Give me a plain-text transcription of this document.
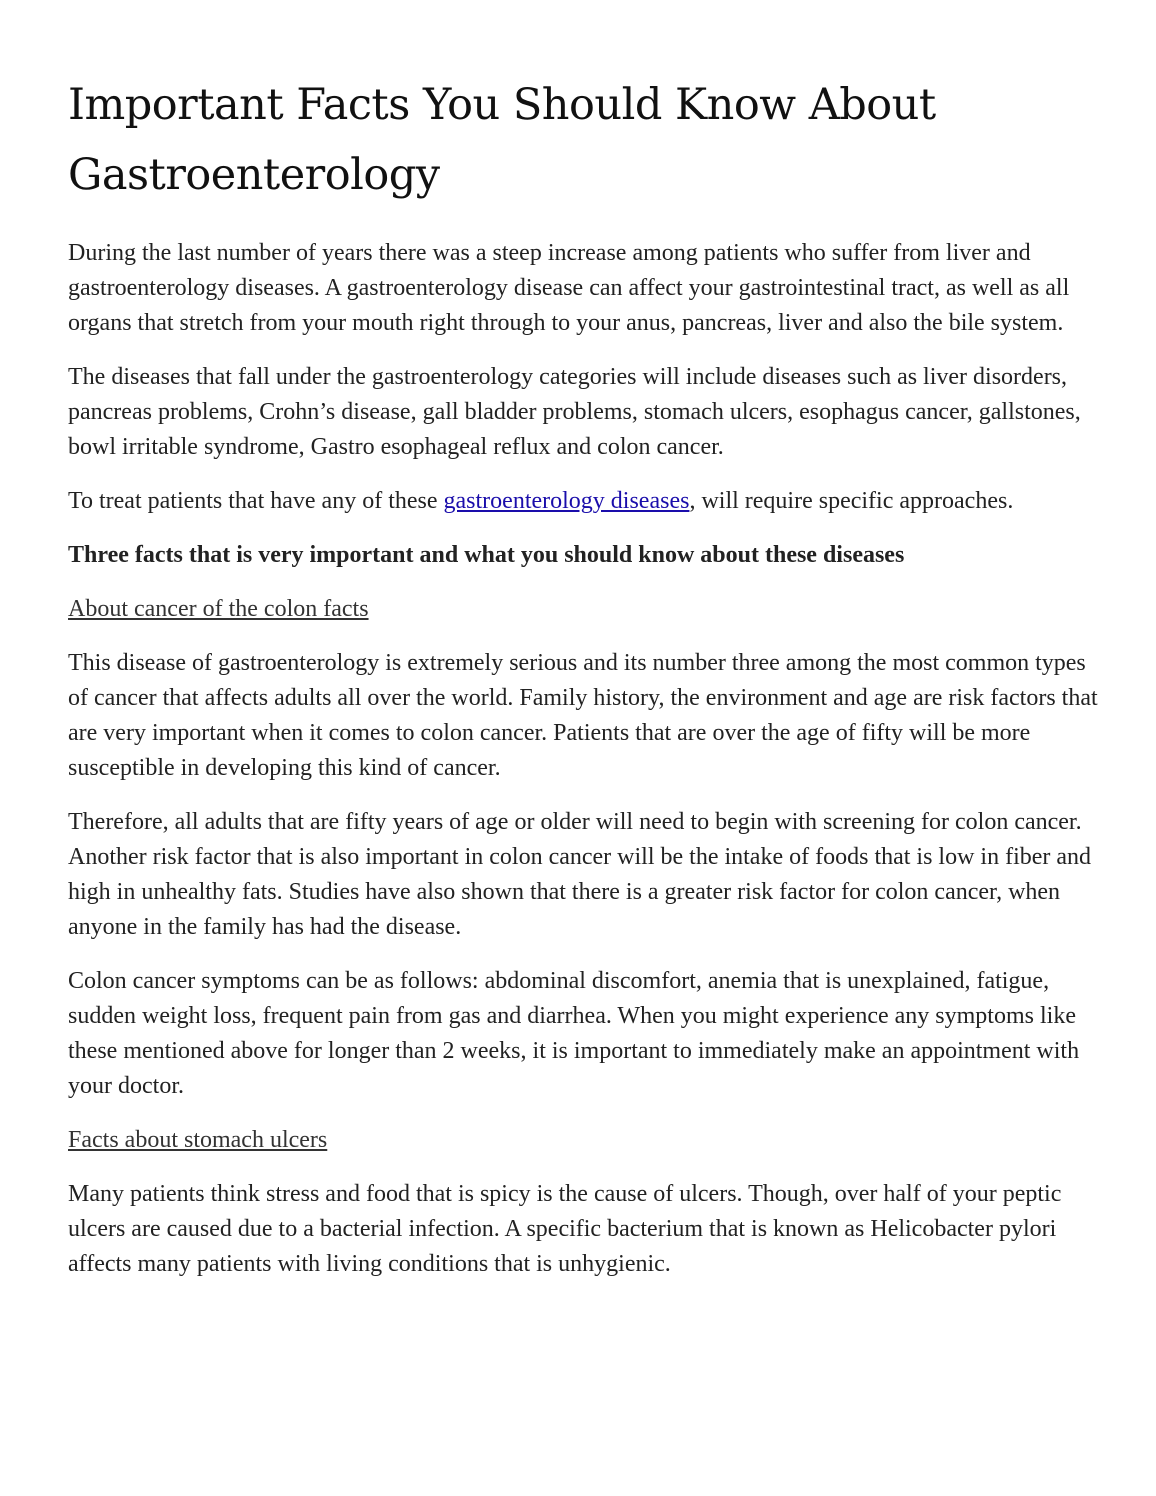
Important Facts You Should Know About Gastroenterology

During the last number of years there was a steep increase among patients who suffer from liver and gastroenterology diseases. A gastroenterology disease can affect your gastrointestinal tract, as well as all organs that stretch from your mouth right through to your anus, pancreas, liver and also the bile system.

The diseases that fall under the gastroenterology categories will include diseases such as liver disorders, pancreas problems, Crohn’s disease, gall bladder problems, stomach ulcers, esophagus cancer, gallstones, bowl irritable syndrome, Gastro esophageal reflux and colon cancer.

To treat patients that have any of these gastroenterology diseases, will require specific approaches.

Three facts that is very important and what you should know about these diseases

About cancer of the colon facts

This disease of gastroenterology is extremely serious and its number three among the most common types of cancer that affects adults all over the world. Family history, the environment and age are risk factors that are very important when it comes to colon cancer. Patients that are over the age of fifty will be more susceptible in developing this kind of cancer.

Therefore, all adults that are fifty years of age or older will need to begin with screening for colon cancer. Another risk factor that is also important in colon cancer will be the intake of foods that is low in fiber and high in unhealthy fats. Studies have also shown that there is a greater risk factor for colon cancer, when anyone in the family has had the disease.

Colon cancer symptoms can be as follows: abdominal discomfort, anemia that is unexplained, fatigue, sudden weight loss, frequent pain from gas and diarrhea. When you might experience any symptoms like these mentioned above for longer than 2 weeks, it is important to immediately make an appointment with your doctor.

Facts about stomach ulcers

Many patients think stress and food that is spicy is the cause of ulcers. Though, over half of your peptic ulcers are caused due to a bacterial infection. A specific bacterium that is known as Helicobacter pylori affects many patients with living conditions that is unhygienic.
